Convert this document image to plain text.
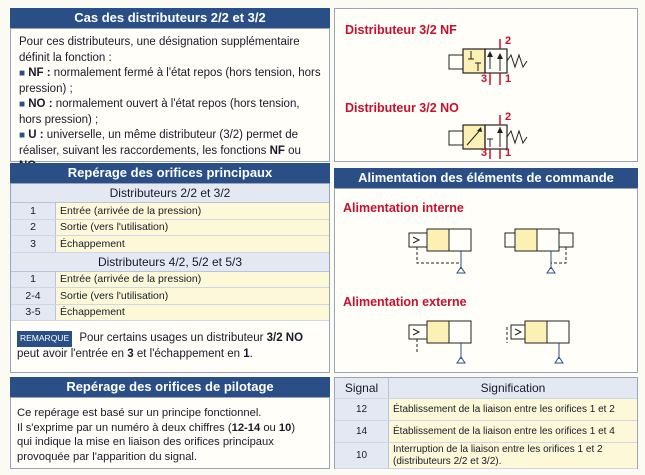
Cas des distributeurs 2/2 et 3/2
Pour ces distributeurs, une désignation supplémentaire définit la fonction :
■ NF : normalement fermé à l'état repos (hors tension, hors pression) ;
■ NO : normalement ouvert à l'état repos (hors tension, hors pression) ;
■ U : universelle, un même distributeur (3/2) permet de réaliser, suivant les raccordements, les fonctions NF ou
Distributeur 3/2 NF
2
3 1
Distributeur 3/2 NO
2
3 1
Repérage des orifices principaux
Distributeurs 2/2 et 3/2
1	Entrée (arrivée de la pression)
2	Sortie (vers l'utilisation)
3	Échappement
Distributeurs 4/2, 5/2 et 5/3
1	Entrée (arrivée de la pression)
2-4	Sortie (vers l'utilisation)
3-5	Échappement
REMARQUE Pour certains usages un distributeur 3/2 NO peut avoir l'entrée en 3 et l'échappement en 1.
Alimentation des éléments de commande
Alimentation interne
Alimentation externe
Repérage des orifices de pilotage
Ce repérage est basé sur un principe fonctionnel.
Il s'exprime par un numéro à deux chiffres (12-14 ou 10)
qui indique la mise en liaison des orifices principaux
provoquée par l'apparition du signal.
Signal	Signification
12	Établissement de la liaison entre les orifices 1 et 2
14	Établissement de la liaison entre les orifices 1 et 4
10	Interruption de la liaison entre les orifices 1 et 2 (distributeurs 2/2 et 3/2).
